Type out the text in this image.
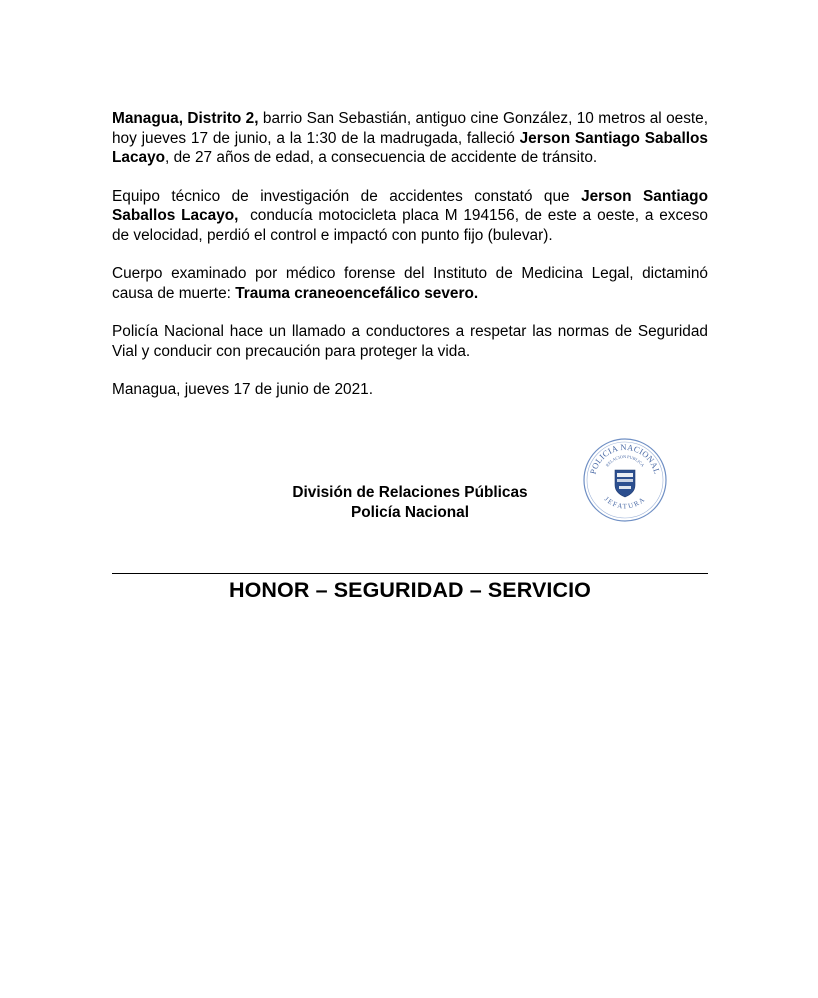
Managua, Distrito 2, barrio San Sebastián, antiguo cine González, 10 metros al oeste, hoy jueves 17 de junio, a la 1:30 de la madrugada, falleció Jerson Santiago Saballos Lacayo, de 27 años de edad, a consecuencia de accidente de tránsito.

Equipo técnico de investigación de accidentes constató que Jerson Santiago Saballos Lacayo,  conducía motocicleta placa M 194156, de este a oeste, a exceso de velocidad, perdió el control e impactó con punto fijo (bulevar).

Cuerpo examinado por médico forense del Instituto de Medicina Legal, dictaminó causa de muerte: Trauma craneoencefálico severo.

Policía Nacional hace un llamado a conductores a respetar las normas de Seguridad Vial y conducir con precaución para proteger la vida.

Managua, jueves 17 de junio de 2021.

División de Relaciones Públicas
Policía Nacional
POLICIA NACIONAL
RELACION PUBLICA
JEFATURA
HONOR – SEGURIDAD – SERVICIO
